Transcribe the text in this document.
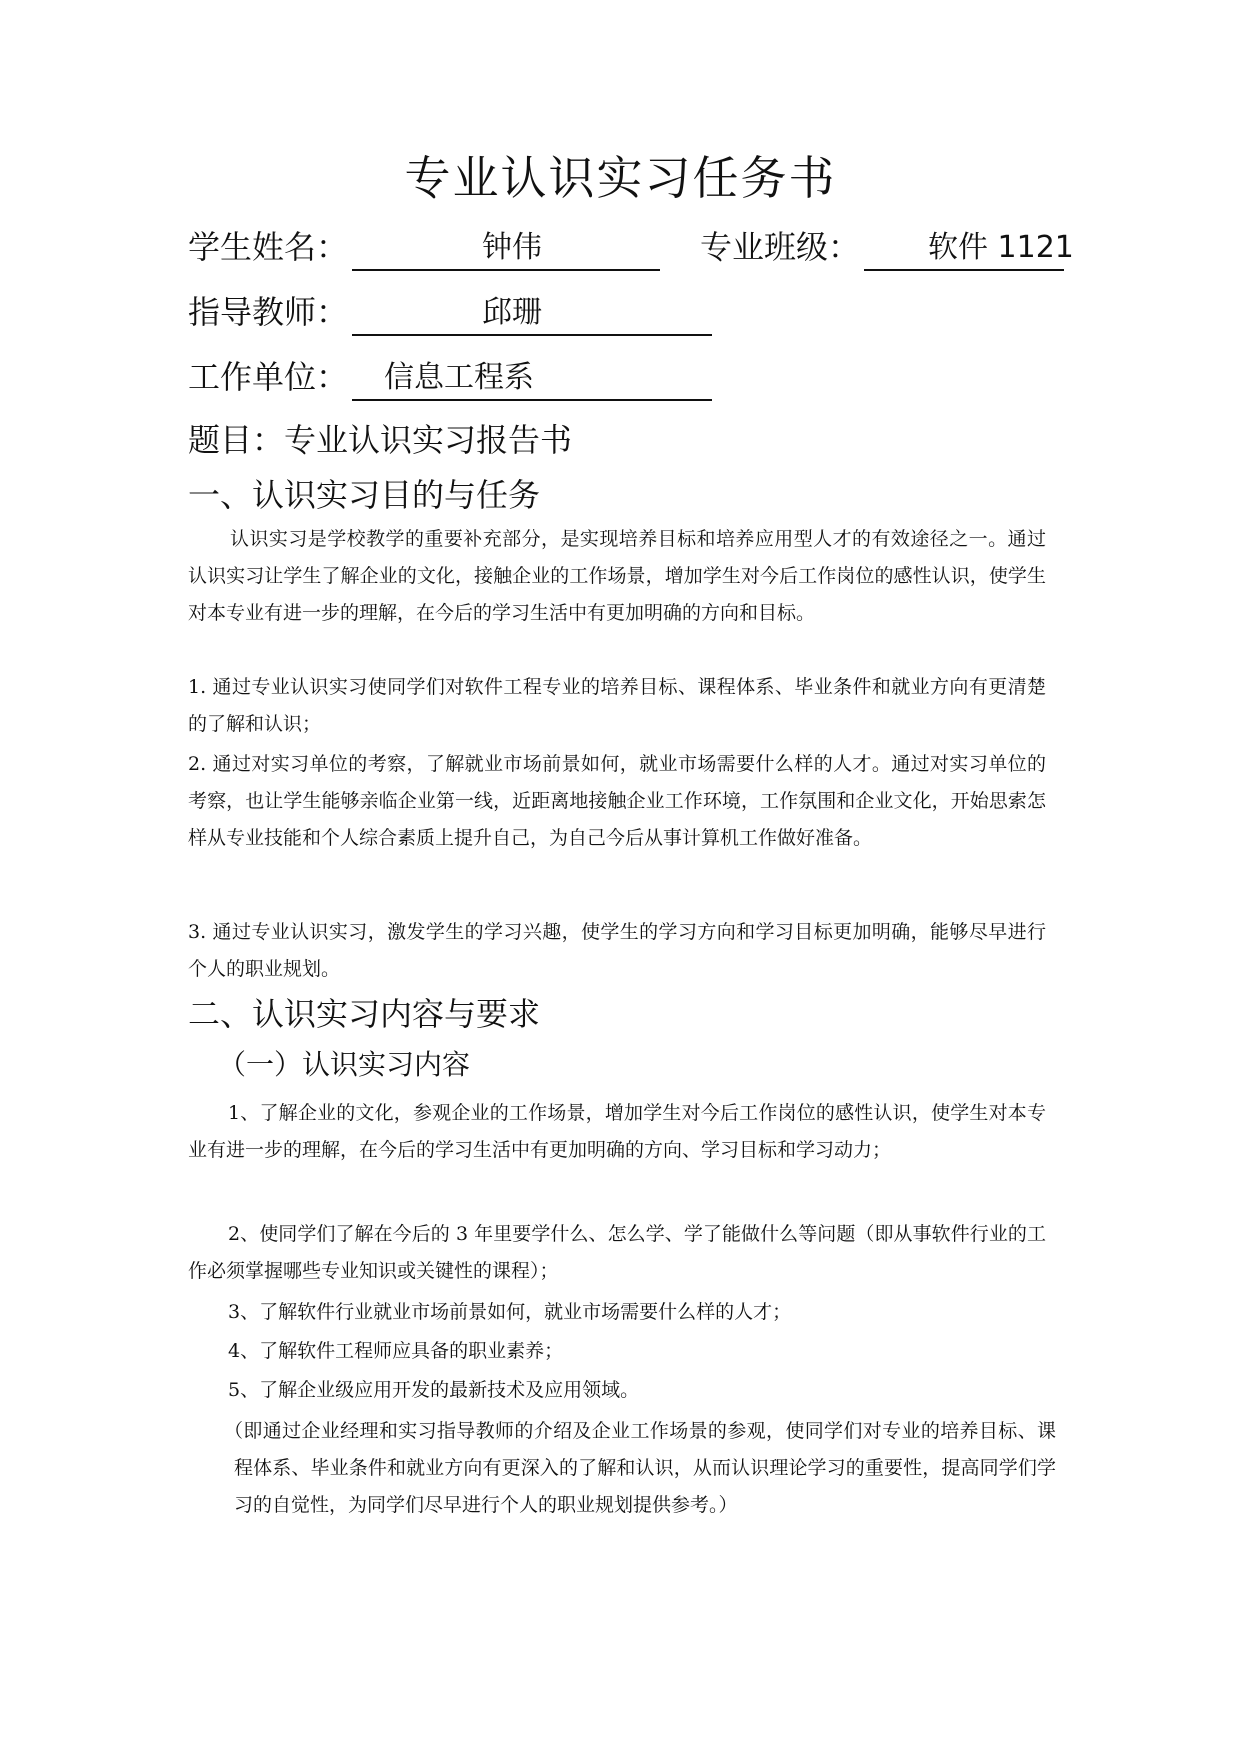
专业认识实习任务书
学生姓名：	钟伟	专业班级： 软件 1121
指导教师：	邱珊
工作单位： 信息工程系
题目：专业认识实习报告书
一、认识实习目的与任务
认识实习是学校教学的重要补充部分，是实现培养目标和培养应用型人才的有效途径之一。通过认识实习让学生了解企业的文化，接触企业的工作场景，增加学生对今后工作岗位的感性认识，使学生对本专业有进一步的理解，在今后的学习生活中有更加明确的方向和目标。
1. 通过专业认识实习使同学们对软件工程专业的培养目标、课程体系、毕业条件和就业方向有更清楚的了解和认识；
2. 通过对实习单位的考察，了解就业市场前景如何，就业市场需要什么样的人才。通过对实习单位的考察，也让学生能够亲临企业第一线，近距离地接触企业工作环境，工作氛围和企业文化，开始思索怎样从专业技能和个人综合素质上提升自己，为自己今后从事计算机工作做好准备。
3. 通过专业认识实习，激发学生的学习兴趣，使学生的学习方向和学习目标更加明确，能够尽早进行个人的职业规划。
二、认识实习内容与要求
（一）认识实习内容
1、了解企业的文化，参观企业的工作场景，增加学生对今后工作岗位的感性认识，使学生对本专业有进一步的理解，在今后的学习生活中有更加明确的方向、学习目标和学习动力；
2、使同学们了解在今后的 3 年里要学什么、怎么学、学了能做什么等问题（即从事软件行业的工作必须掌握哪些专业知识或关键性的课程）；
3、了解软件行业就业市场前景如何，就业市场需要什么样的人才；
4、了解软件工程师应具备的职业素养；
5、了解企业级应用开发的最新技术及应用领域。
（即通过企业经理和实习指导教师的介绍及企业工作场景的参观，使同学们对专业的培养目标、课程体系、毕业条件和就业方向有更深入的了解和认识，从而认识理论学习的重要性，提高同学们学习的自觉性，为同学们尽早进行个人的职业规划提供参考。）
